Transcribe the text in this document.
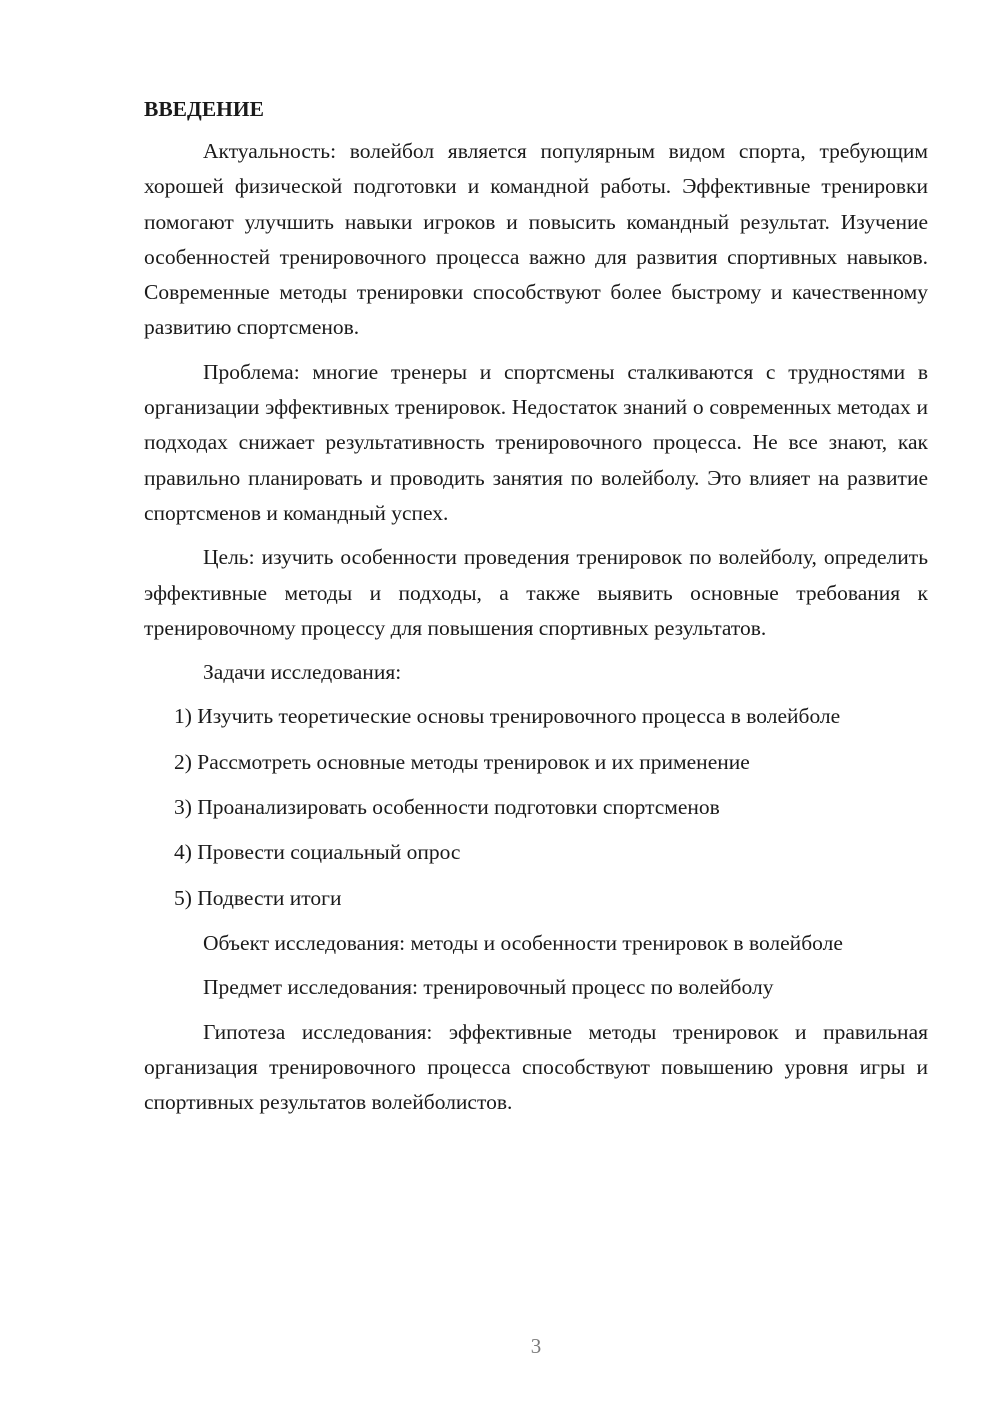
ВВЕДЕНИЕ

Актуальность: волейбол является популярным видом спорта, требующим хорошей физической подготовки и командной работы. Эффективные тренировки помогают улучшить навыки игроков и повысить командный результат. Изучение особенностей тренировочного процесса важно для развития спортивных навыков. Современные методы тренировки способствуют более быстрому и качественному развитию спортсменов.

Проблема: многие тренеры и спортсмены сталкиваются с трудностями в организации эффективных тренировок. Недостаток знаний о современных методах и подходах снижает результативность тренировочного процесса. Не все знают, как правильно планировать и проводить занятия по волейболу. Это влияет на развитие спортсменов и командный успех.

Цель: изучить особенности проведения тренировок по волейболу, определить эффективные методы и подходы, а также выявить основные требования к тренировочному процессу для повышения спортивных результатов.

Задачи исследования:

1) Изучить теоретические основы тренировочного процесса в волейболе

2) Рассмотреть основные методы тренировок и их применение

3) Проанализировать особенности подготовки спортсменов

4) Провести социальный опрос

5) Подвести итоги

Объект исследования: методы и особенности тренировок в волейболе

Предмет исследования: тренировочный процесс по волейболу

Гипотеза исследования: эффективные методы тренировок и правильная организация тренировочного процесса способствуют повышению уровня игры и спортивных результатов волейболистов.

3
